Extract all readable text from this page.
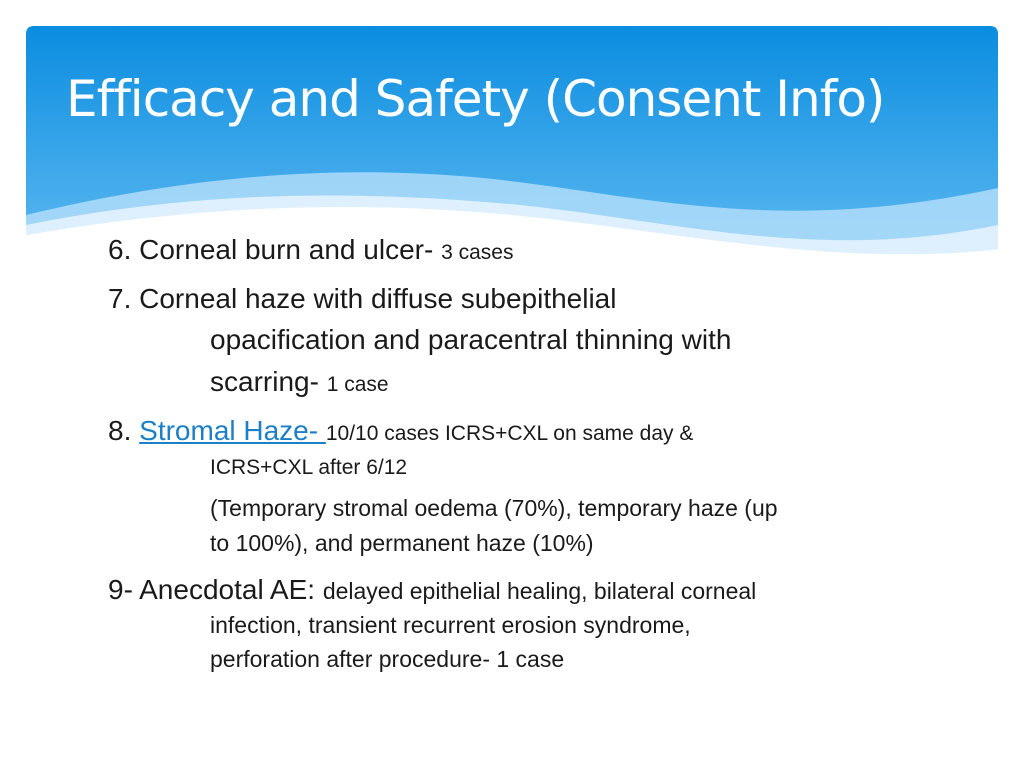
Efficacy and Safety (Consent Info)
6. Corneal burn and ulcer- 3 cases
7. Corneal haze with diffuse subepithelial
opacification and paracentral thinning with
scarring- 1 case
8. Stromal Haze- 10/10 cases ICRS+CXL on same day &
ICRS+CXL after 6/12
(Temporary stromal oedema (70%), temporary haze (up
to 100%), and permanent haze (10%)
9- Anecdotal AE: delayed epithelial healing, bilateral corneal
infection, transient recurrent erosion syndrome,
perforation after procedure- 1 case
